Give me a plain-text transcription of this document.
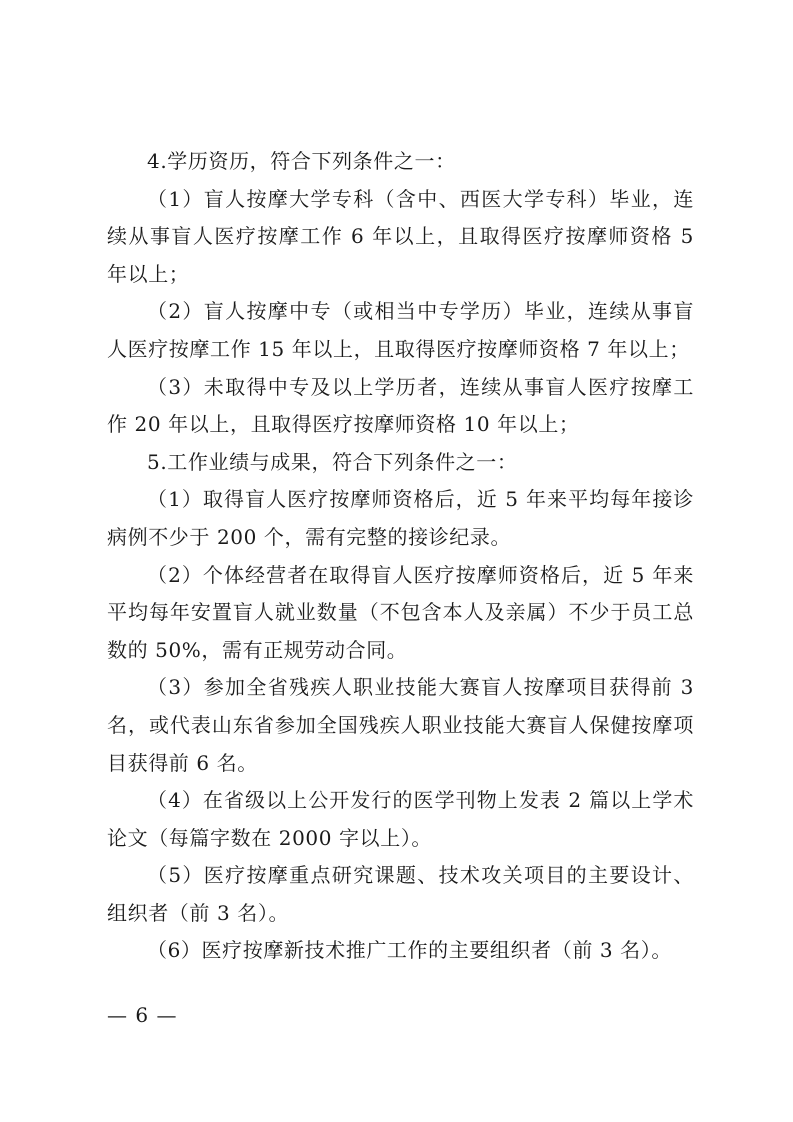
4.学历资历，符合下列条件之一：

（1）盲人按摩大学专科（含中、西医大学专科）毕业，连续从事盲人医疗按摩工作 6 年以上，且取得医疗按摩师资格 5 年以上；

（2）盲人按摩中专（或相当中专学历）毕业，连续从事盲人医疗按摩工作 15 年以上，且取得医疗按摩师资格 7 年以上；

（3）未取得中专及以上学历者，连续从事盲人医疗按摩工作 20 年以上，且取得医疗按摩师资格 10 年以上；

5.工作业绩与成果，符合下列条件之一：

（1）取得盲人医疗按摩师资格后，近 5 年来平均每年接诊病例不少于 200 个，需有完整的接诊纪录。

（2）个体经营者在取得盲人医疗按摩师资格后，近 5 年来平均每年安置盲人就业数量（不包含本人及亲属）不少于员工总数的 50%，需有正规劳动合同。

（3）参加全省残疾人职业技能大赛盲人按摩项目获得前 3 名，或代表山东省参加全国残疾人职业技能大赛盲人保健按摩项目获得前 6 名。

（4）在省级以上公开发行的医学刊物上发表 2 篇以上学术论文（每篇字数在 2000 字以上）。

（5）医疗按摩重点研究课题、技术攻关项目的主要设计、组织者（前 3 名）。

（6）医疗按摩新技术推广工作的主要组织者（前 3 名）。

— 6 —
